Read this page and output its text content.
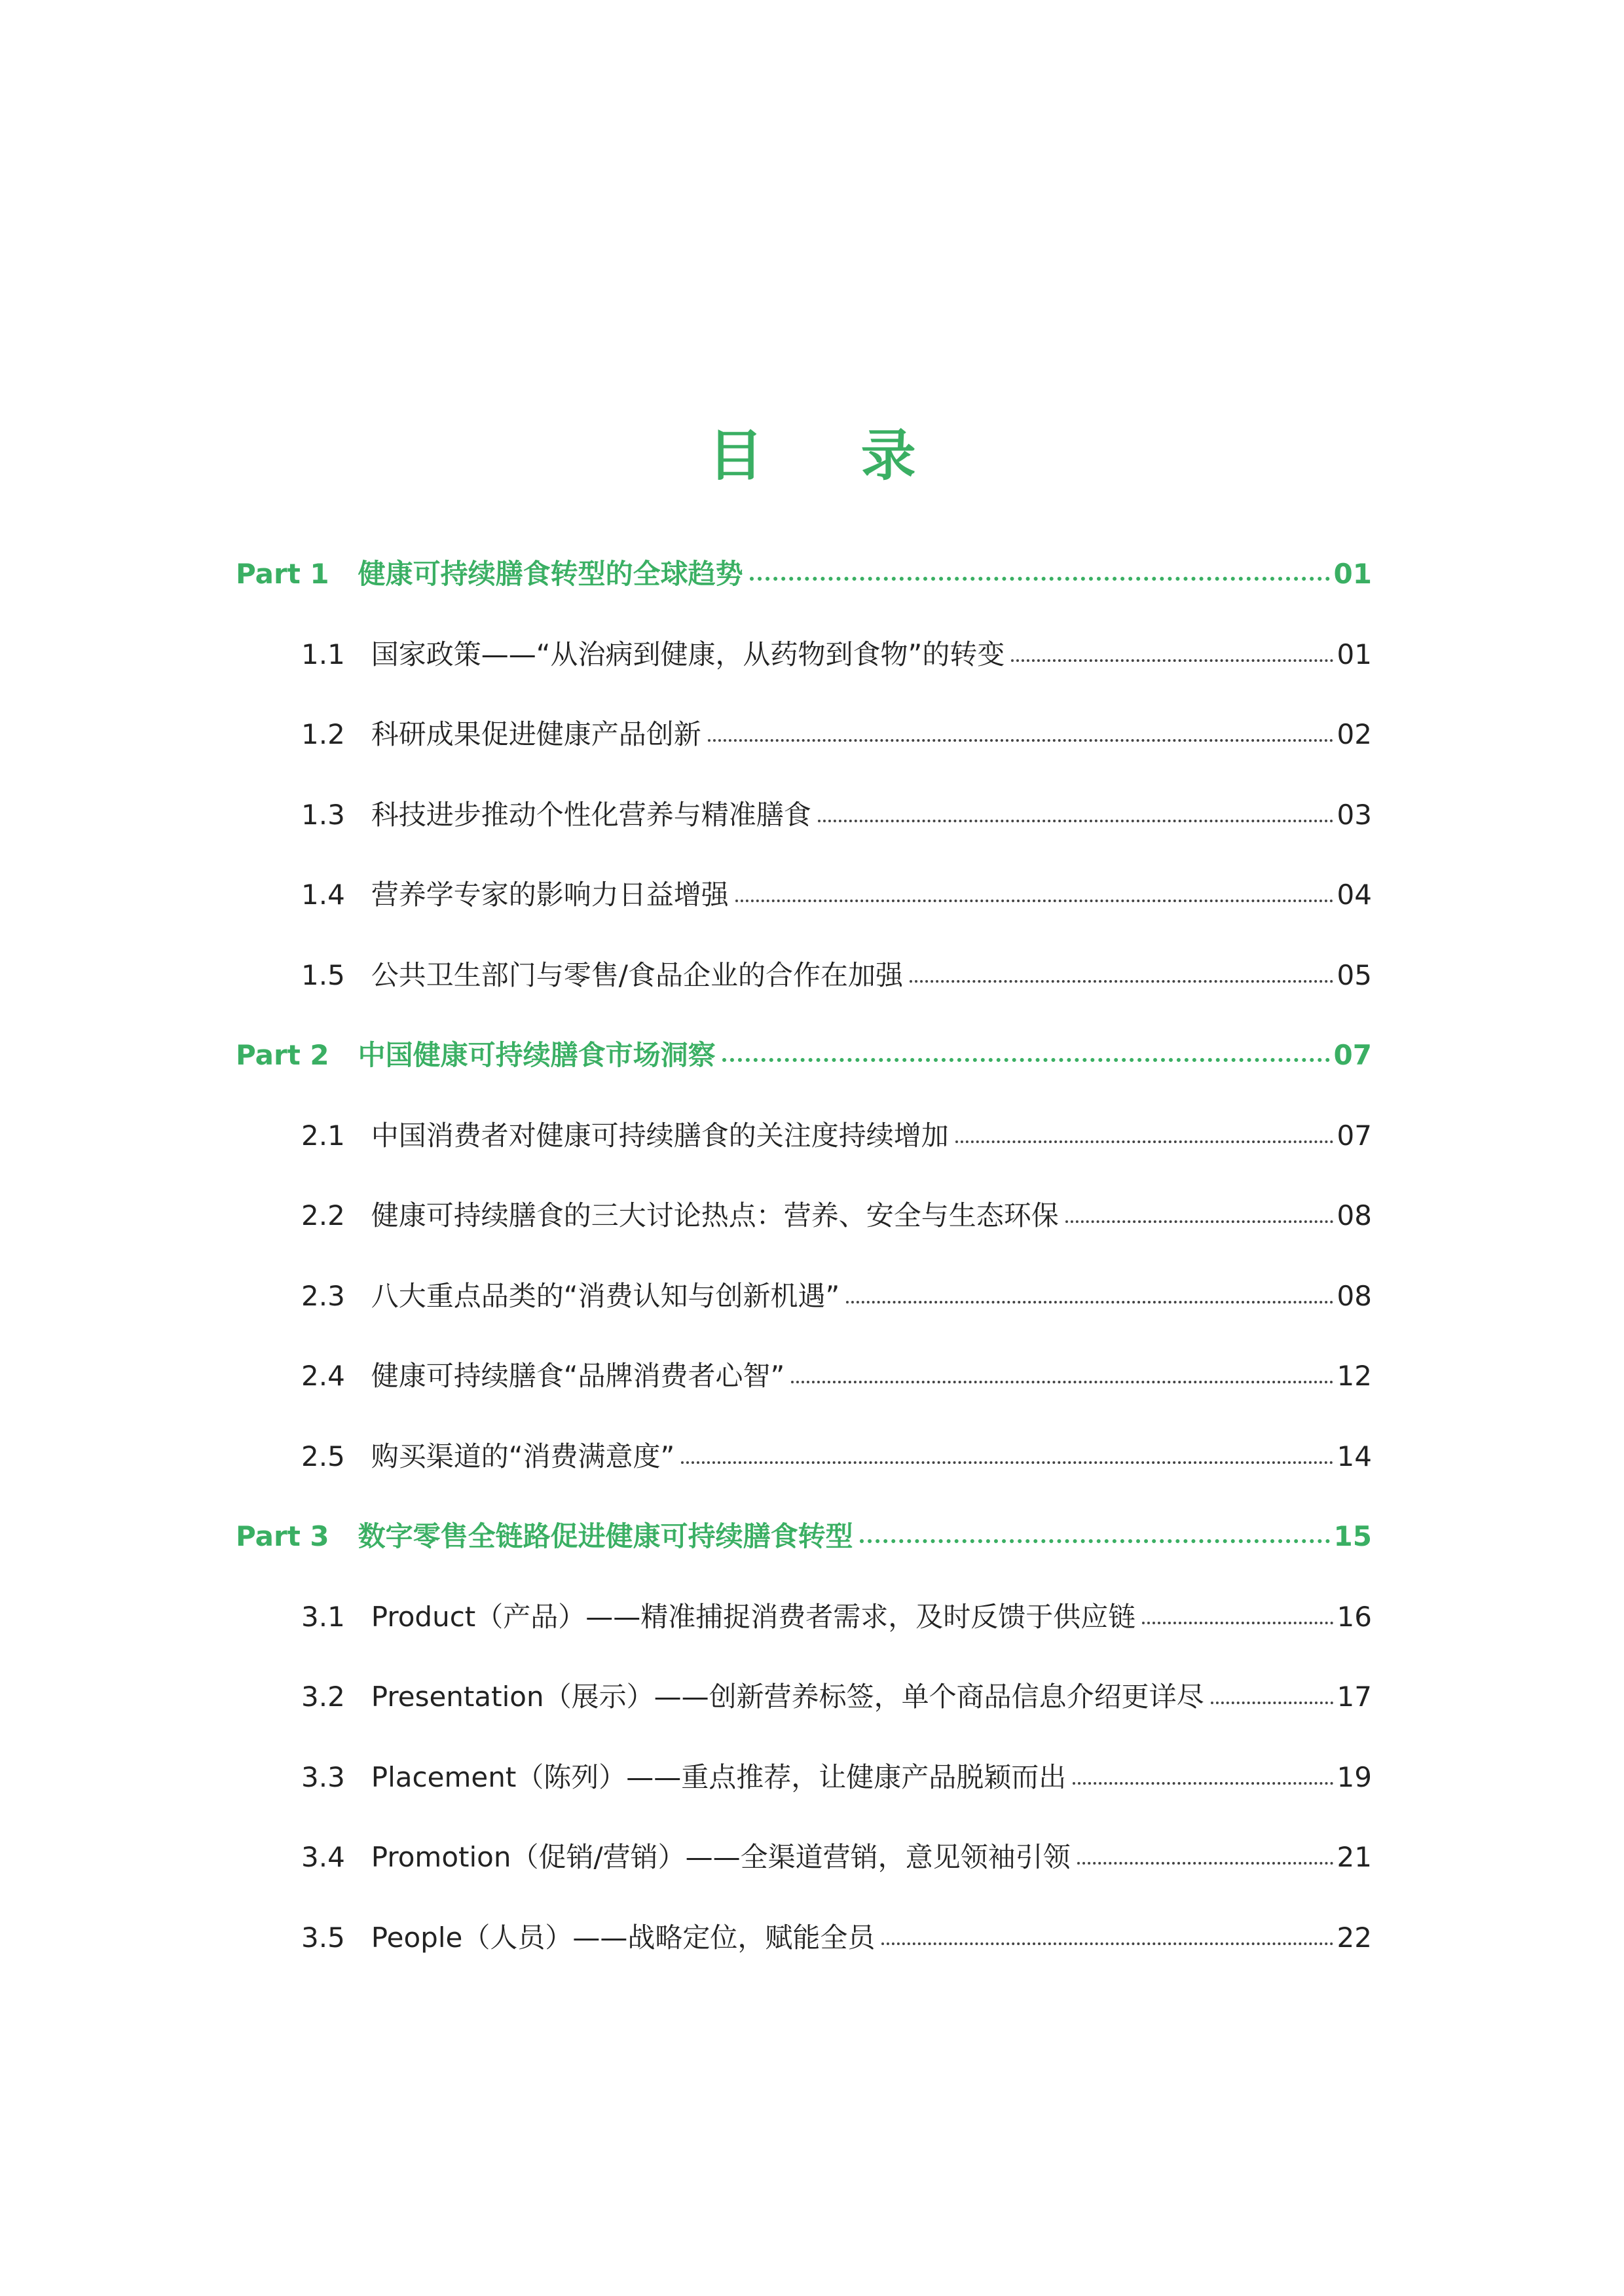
目 录
Part 1 健康可持续膳食转型的全球趋势	01
1.1 国家政策——“从治病到健康，从药物到食物”的转变	01
1.2 科研成果促进健康产品创新	02
1.3 科技进步推动个性化营养与精准膳食	03
1.4 营养学专家的影响力日益增强	04
1.5 公共卫生部门与零售/食品企业的合作在加强	05
Part 2 中国健康可持续膳食市场洞察	07
2.1 中国消费者对健康可持续膳食的关注度持续增加	07
2.2 健康可持续膳食的三大讨论热点：营养、安全与生态环保	08
2.3 八大重点品类的“消费认知与创新机遇”	08
2.4 健康可持续膳食“品牌消费者心智”	12
2.5 购买渠道的“消费满意度”	14
Part 3 数字零售全链路促进健康可持续膳食转型	15
3.1 Product（产品）——精准捕捉消费者需求，及时反馈于供应链	16
3.2 Presentation（展示）——创新营养标签，单个商品信息介绍更详尽	17
3.3 Placement（陈列）——重点推荐，让健康产品脱颖而出	19
3.4 Promotion（促销/营销）——全渠道营销，意见领袖引领	21
3.5 People（人员）——战略定位，赋能全员	22
